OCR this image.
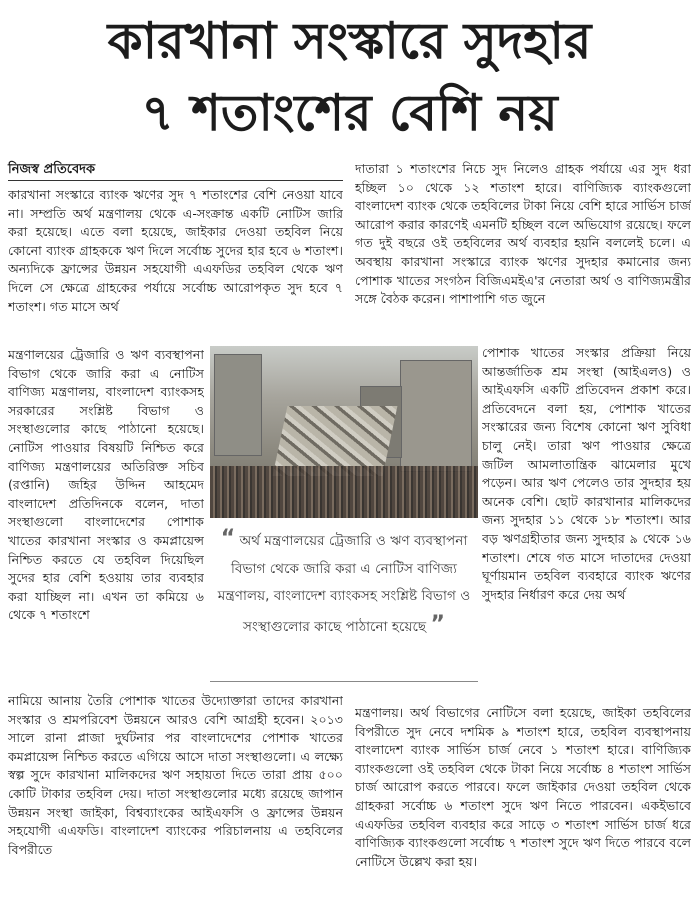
কারখানা সংস্কারে সুদহার
৭ শতাংশের বেশি নয়
নিজস্ব প্রতিবেদক
কারখানা সংস্কারে ব্যাংক ঋণের সুদ ৭ শতাংশের বেশি নেওয়া যাবে না। সম্প্রতি অর্থ মন্ত্রণালয় থেকে এ-সংক্রান্ত একটি নোটিস জারি করা হয়েছে। এতে বলা হয়েছে, জাইকার দেওয়া তহবিল নিয়ে কোনো ব্যাংক গ্রাহককে ঋণ দিলে সর্বোচ্চ সুদের হার হবে ৬ শতাংশ। অন্যদিকে ফ্রান্সের উন্নয়ন সহযোগী এএফডির তহবিল থেকে ঋণ দিলে সে ক্ষেত্রে গ্রাহকের পর্যায়ে সর্বোচ্চ আরোপকৃত সুদ হবে ৭ শতাংশ। গত মাসে অর্থ
মন্ত্রণালয়ের ট্রেজারি ও ঋণ ব্যবস্থাপনা বিভাগ থেকে জারি করা এ নোটিস বাণিজ্য মন্ত্রণালয়, বাংলাদেশ ব্যাংকসহ সরকারের সংশ্লিষ্ট বিভাগ ও সংস্থাগুলোর কাছে পাঠানো হয়েছে। নোটিস পাওয়ার বিষয়টি নিশ্চিত করে বাণিজ্য মন্ত্রণালয়ের অতিরিক্ত সচিব (রপ্তানি) জহির উদ্দিন আহমেদ বাংলাদেশ প্রতিদিনকে বলেন, দাতা সংস্থাগুলো বাংলাদেশের পোশাক খাতের কারখানা সংস্কার ও কমপ্লায়েন্স নিশ্চিত করতে যে তহবিল দিয়েছিল সুদের হার বেশি হওয়ায় তার ব্যবহার করা যাচ্ছিল না। এখন তা কমিয়ে ৬ থেকে ৭ শতাংশে
নামিয়ে আনায় তৈরি পোশাক খাতের উদ্যোক্তারা তাদের কারখানা সংস্কার ও শ্রমপরিবেশ উন্নয়নে আরও বেশি আগ্রহী হবেন। ২০১৩ সালে রানা প্লাজা দুর্ঘটনার পর বাংলাদেশের পোশাক খাতের কমপ্লায়েন্স নিশ্চিত করতে এগিয়ে আসে দাতা সংস্থাগুলো। এ লক্ষ্যে স্বল্প সুদে কারখানা মালিকদের ঋণ সহায়তা দিতে তারা প্রায় ৫০০ কোটি টাকার তহবিল দেয়। দাতা সংস্থাগুলোর মধ্যে রয়েছে জাপান উন্নয়ন সংস্থা জাইকা, বিশ্বব্যাংকের আইএফসি ও ফ্রান্সের উন্নয়ন সহযোগী এএফডি। বাংলাদেশ ব্যাংকের পরিচালনায় এ তহবিলের বিপরীতে
দাতারা ১ শতাংশের নিচে সুদ নিলেও গ্রাহক পর্যায়ে এর সুদ ধরা হচ্ছিল ১০ থেকে ১২ শতাংশ হারে। বাণিজ্যিক ব্যাংকগুলো বাংলাদেশ ব্যাংক থেকে তহবিলের টাকা নিয়ে বেশি হারে সার্ভিস চার্জ আরোপ করার কারণেই এমনটি হচ্ছিল বলে অভিযোগ রয়েছে। ফলে গত দুই বছরে ওই তহবিলের অর্থ ব্যবহার হয়নি বললেই চলে। এ অবস্থায় কারখানা সংস্কারে ব্যাংক ঋণের সুদহার কমানোর জন্য পোশাক খাতের সংগঠন বিজিএমইএ'র নেতারা অর্থ ও বাণিজ্যমন্ত্রীর সঙ্গে বৈঠক করেন। পাশাপাশি গত জুনে
পোশাক খাতের সংস্কার প্রক্রিয়া নিয়ে আন্তর্জাতিক শ্রম সংস্থা (আইএলও) ও আইএফসি একটি প্রতিবেদন প্রকাশ করে। প্রতিবেদনে বলা হয়, পোশাক খাতের সংস্কারের জন্য বিশেষ কোনো ঋণ সুবিধা চালু নেই। তারা ঋণ পাওয়ার ক্ষেত্রে জটিল আমলাতান্ত্রিক ঝামেলার মুখে পড়েন। আর ঋণ পেলেও তার সুদহার হয় অনেক বেশি। ছোট কারখানার মালিকদের জন্য সুদহার ১১ থেকে ১৮ শতাংশ। আর বড় ঋণগ্রহীতার জন্য সুদহার ৯ থেকে ১৬ শতাংশ। শেষে গত মাসে দাতাদের দেওয়া ঘূর্ণায়মান তহবিল ব্যবহারে ব্যাংক ঋণের সুদহার নির্ধারণ করে দেয় অর্থ
মন্ত্রণালয়। অর্থ বিভাগের নোটিসে বলা হয়েছে, জাইকা তহবিলের বিপরীতে সুদ নেবে দশমিক ৯ শতাংশ হারে, তহবিল ব্যবস্থাপনায় বাংলাদেশ ব্যাংক সার্ভিস চার্জ নেবে ১ শতাংশ হারে। বাণিজ্যিক ব্যাংকগুলো ওই তহবিল থেকে টাকা নিয়ে সর্বোচ্চ ৪ শতাংশ সার্ভিস চার্জ আরোপ করতে পারবে। ফলে জাইকার দেওয়া তহবিল থেকে গ্রাহকরা সর্বোচ্চ ৬ শতাংশ সুদে ঋণ নিতে পারবেন। একইভাবে এএফডির তহবিল ব্যবহার করে সাড়ে ৩ শতাংশ সার্ভিস চার্জ ধরে বাণিজ্যিক ব্যাংকগুলো সর্বোচ্চ ৭ শতাংশ সুদে ঋণ দিতে পারবে বলে নোটিসে উল্লেখ করা হয়।
“ অর্থ মন্ত্রণালয়ের ট্রেজারি ও ঋণ ব্যবস্থাপনা বিভাগ থেকে জারি করা এ নোটিস বাণিজ্য মন্ত্রণালয়, বাংলাদেশ ব্যাংকসহ সংশ্লিষ্ট বিভাগ ও সংস্থাগুলোর কাছে পাঠানো হয়েছে ”
